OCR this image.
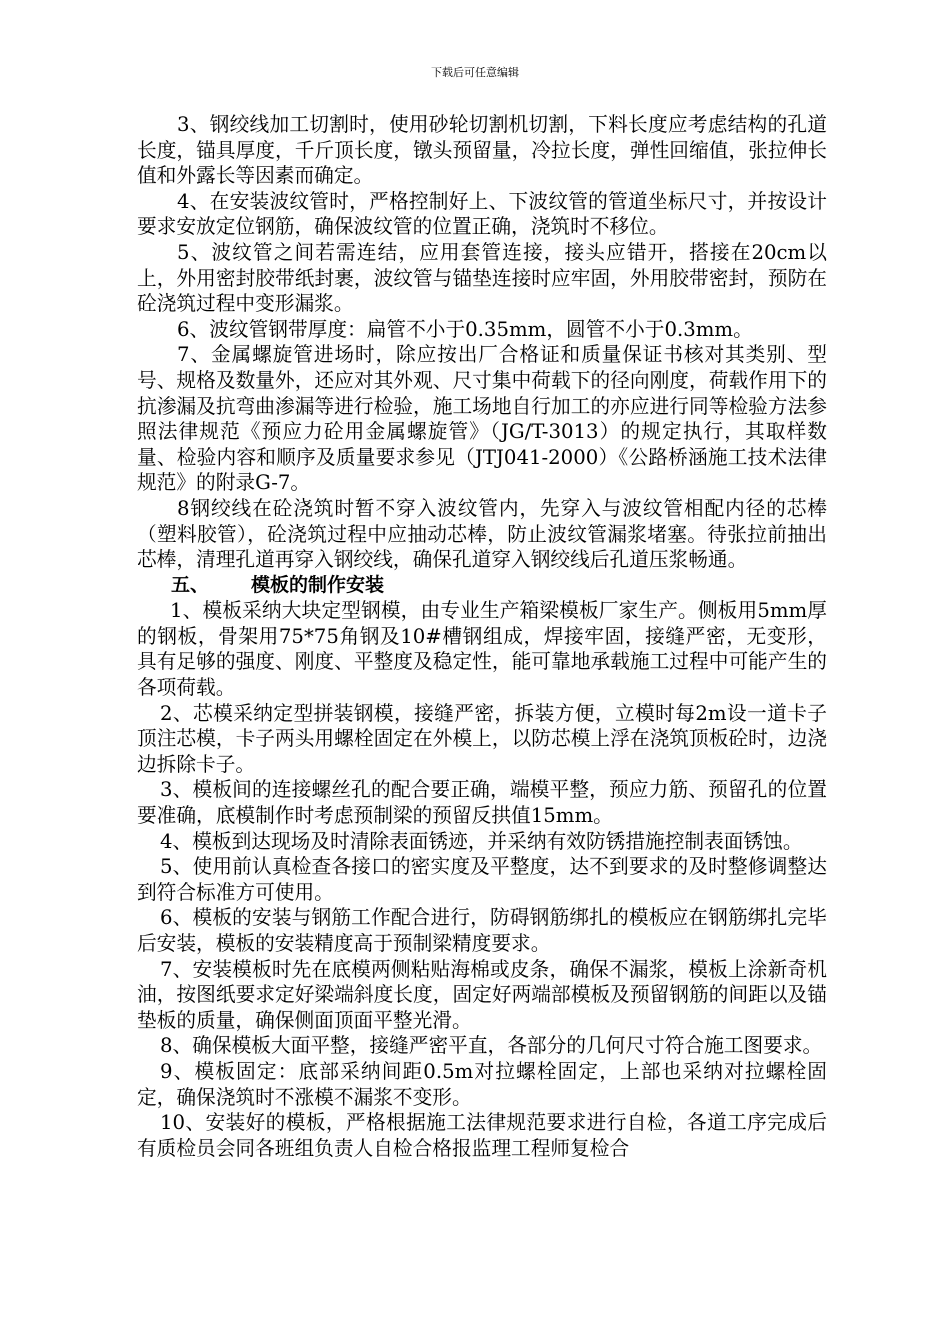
下载后可任意编辑

3、钢绞线加工切割时，使用砂轮切割机切割，下料长度应考虑结构的孔道长度，锚具厚度，千斤顶长度，镦头预留量，冷拉长度，弹性回缩值，张拉伸长值和外露长等因素而确定。

4、在安装波纹管时，严格控制好上、下波纹管的管道坐标尺寸，并按设计要求安放定位钢筋，确保波纹管的位置正确，浇筑时不移位。

5、波纹管之间若需连结，应用套管连接，接头应错开，搭接在20cm以上，外用密封胶带纸封裹，波纹管与锚垫连接时应牢固，外用胶带密封，预防在砼浇筑过程中变形漏浆。

6、波纹管钢带厚度：扁管不小于0.35mm，圆管不小于0.3mm。

7、金属螺旋管进场时，除应按出厂合格证和质量保证书核对其类别、型号、规格及数量外，还应对其外观、尺寸集中荷载下的径向刚度，荷载作用下的抗渗漏及抗弯曲渗漏等进行检验，施工场地自行加工的亦应进行同等检验方法参照法律规范《预应力砼用金属螺旋管》（JG/T-3013）的规定执行，其取样数量、检验内容和顺序及质量要求参见（JTJ041-2000）《公路桥涵施工技术法律规范》的附录G-7。

8钢绞线在砼浇筑时暂不穿入波纹管内，先穿入与波纹管相配内径的芯棒（塑料胶管），砼浇筑过程中应抽动芯棒，防止波纹管漏浆堵塞。待张拉前抽出芯棒，清理孔道再穿入钢绞线，确保孔道穿入钢绞线后孔道压浆畅通。

五、 模板的制作安装

1、模板采纳大块定型钢模，由专业生产箱梁模板厂家生产。侧板用5mm厚的钢板，骨架用75*75角钢及10#槽钢组成，焊接牢固，接缝严密，无变形，具有足够的强度、刚度、平整度及稳定性，能可靠地承载施工过程中可能产生的各项荷载。

2、芯模采纳定型拼装钢模，接缝严密，拆装方便，立模时每2m设一道卡子顶注芯模，卡子两头用螺栓固定在外模上，以防芯模上浮在浇筑顶板砼时，边浇边拆除卡子。

3、模板间的连接螺丝孔的配合要正确，端模平整，预应力筋、预留孔的位置要准确，底模制作时考虑预制梁的预留反拱值15mm。

4、模板到达现场及时清除表面锈迹，并采纳有效防锈措施控制表面锈蚀。

5、使用前认真检查各接口的密实度及平整度，达不到要求的及时整修调整达到符合标准方可使用。

6、模板的安装与钢筋工作配合进行，防碍钢筋绑扎的模板应在钢筋绑扎完毕后安装，模板的安装精度高于预制梁精度要求。

7、安装模板时先在底模两侧粘贴海棉或皮条，确保不漏浆，模板上涂新奇机油，按图纸要求定好梁端斜度长度，固定好两端部模板及预留钢筋的间距以及锚垫板的质量，确保侧面顶面平整光滑。

8、确保模板大面平整，接缝严密平直，各部分的几何尺寸符合施工图要求。

9、模板固定：底部采纳间距0.5m对拉螺栓固定，上部也采纳对拉螺栓固定，确保浇筑时不涨模不漏浆不变形。

10、安装好的模板，严格根据施工法律规范要求进行自检，各道工序完成后有质检员会同各班组负责人自检合格报监理工程师复检合
